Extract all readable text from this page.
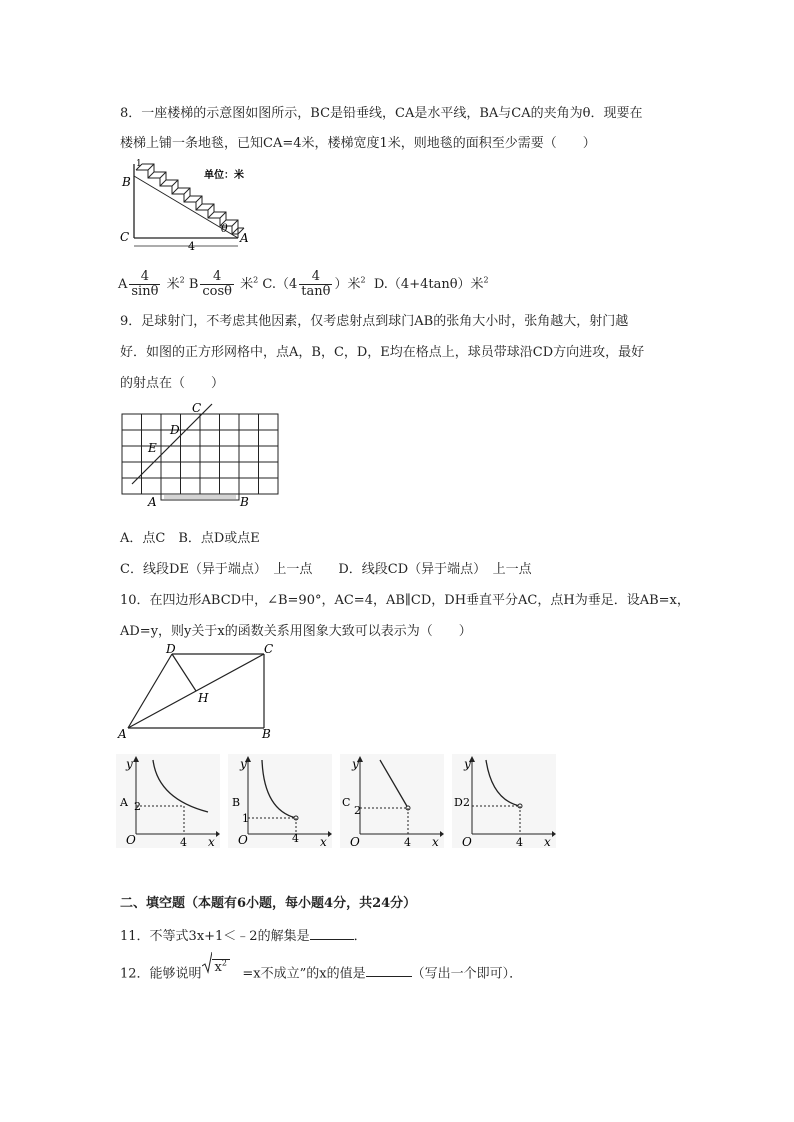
8．一座楼梯的示意图如图所示，BC是铅垂线，CA是水平线，BA与CA的夹角为θ．现要在
楼梯上铺一条地毯，已知CA=4米，楼梯宽度1米，则地毯的面积至少需要（　　）
B
C	A
4
θ
1
单位：米
A $\frac{4}{\sin\theta}$ 米$^2$ B $\frac{4}{\cos\theta}$ 米$^2$ $C.(4 \frac{4}{\tan\theta}$ ）米$^2$ D.（4+4tanθ）米$^2$
9．足球射门，不考虑其他因素，仅考虑射点到球门AB的张角大小时，张角越大，射门越
好．如图的正方形网格中，点A，B，C，D，E均在格点上，球员带球沿CD方向进攻，最好
的射点在（　　）
C
D
E
A	B
A．点C　B．点D或点E
C．线段DE（异于端点）　上一点　　D．线段CD（异于端点）　上一点
10．在四边形ABCD中，∠B=90°，AC=4，AB∥CD，DH垂直平分AC，点H为垂足．设AB=x，
AD=y，则y关于x的函数关系用图象大致可以表示为（　　）
D	C
H
A	B
y
A 2
O	4 x
y
B
1
O	4 x
y
C
2
O	4 x
y
D 2
O	4 x
二、填空题（本题有6小题，每小题4分，共24分）
11．不等式3x+1＜﹣2的解集是	．
12．能够说明 $x^2 =x$不成立”的x的值是	（写出一个即可）．
